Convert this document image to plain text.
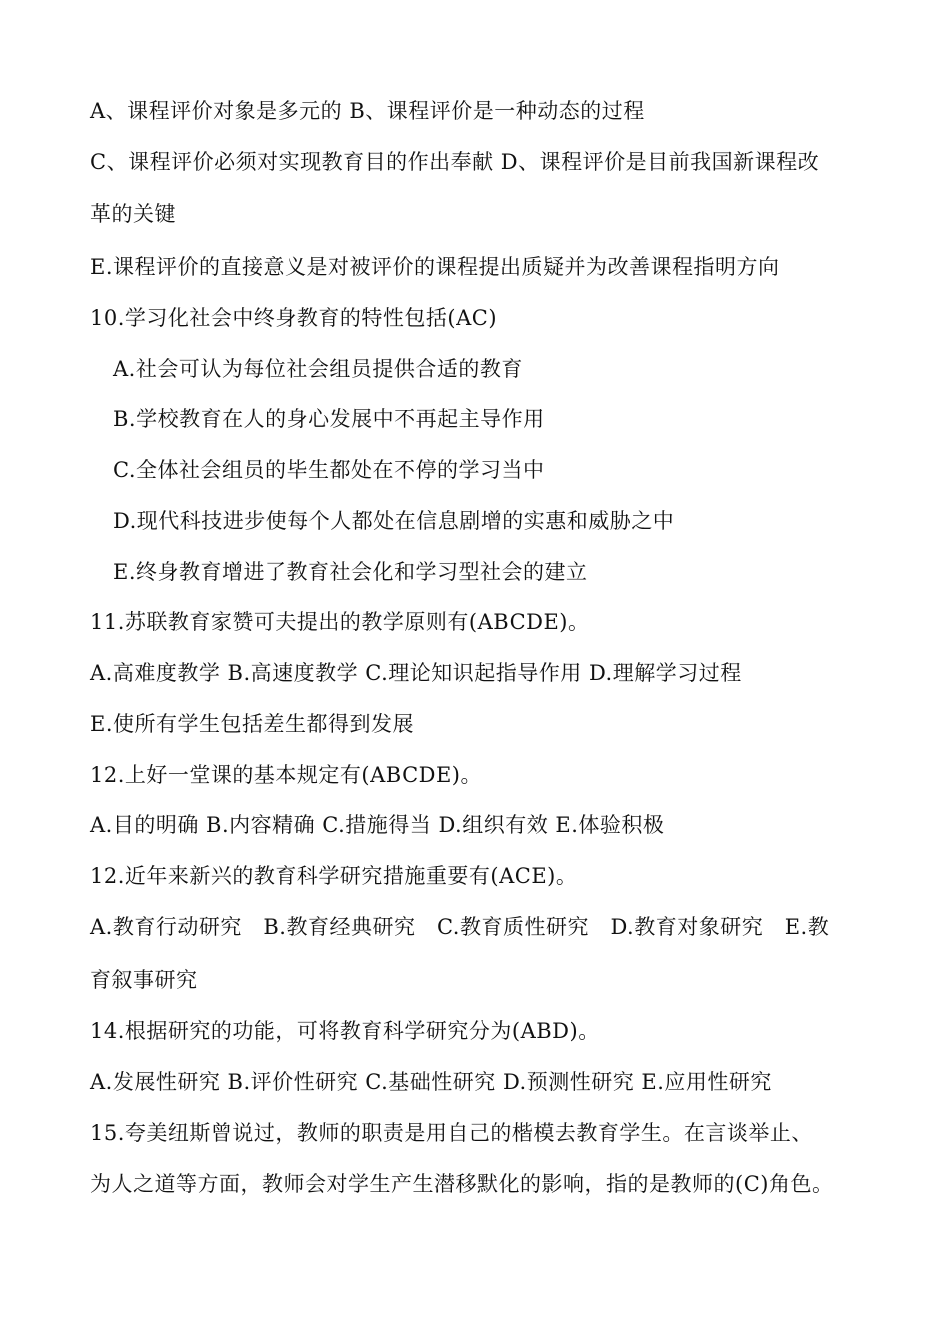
A、课程评价对象是多元的 B、课程评价是一种动态的过程
C、课程评价必须对实现教育目的作出奉献 D、课程评价是目前我国新课程改
革的关键
E.课程评价的直接意义是对被评价的课程提出质疑并为改善课程指明方向
10.学习化社会中终身教育的特性包括(AC)
A.社会可认为每位社会组员提供合适的教育
B.学校教育在人的身心发展中不再起主导作用
C.全体社会组员的毕生都处在不停的学习当中
D.现代科技进步使每个人都处在信息剧增的实惠和威胁之中
E.终身教育增进了教育社会化和学习型社会的建立
11.苏联教育家赞可夫提出的教学原则有(ABCDE)。
A.高难度教学 B.高速度教学 C.理论知识起指导作用 D.理解学习过程
E.使所有学生包括差生都得到发展
12.上好一堂课的基本规定有(ABCDE)。
A.目的明确 B.内容精确 C.措施得当 D.组织有效 E.体验积极
12.近年来新兴的教育科学研究措施重要有(ACE)。
A.教育行动研究　B.教育经典研究　C.教育质性研究　D.教育对象研究　E.教
育叙事研究
14.根据研究的功能，可将教育科学研究分为(ABD)。
A.发展性研究 B.评价性研究 C.基础性研究 D.预测性研究 E.应用性研究
15.夸美纽斯曾说过，教师的职责是用自己的楷模去教育学生。在言谈举止、
为人之道等方面，教师会对学生产生潜移默化的影响，指的是教师的(C)角色。
